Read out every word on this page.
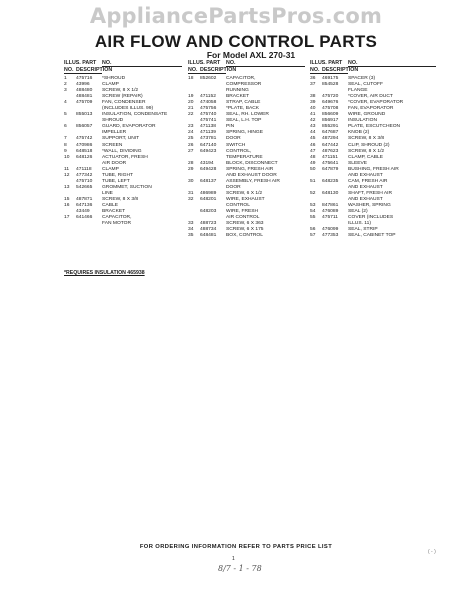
AppliancePartsPros.com
AIR FLOW AND CONTROL PARTS
For Model AXL 270-31
ILLUS. PART	NO.
NO. DESCRIPTION
1	475716	*SHROUD
2	43996	CLAMP
3	488480	SCREW, 8 X 1/2
488481	SCREW (REPAIR)
4	475709	FAN, CONDENSER
(INCLUDES ILLUS. 99)
5	855013	INSULATION, CONDENSATE
SHROUD
6	856057	GUARD, EVAPORATOR
IMPELLER
7	475742	SUPPORT, UNIT
8	470986	SCREEN
9	648518	*WALL, DIVIDING
10	648126	ACTUATOR, FRESH
AIR DOOR
11	471118	CLAMP
12	477342	TUBE, RIGHT
475710	TUBE, LEFT
13	542665	GROMMET, SUCTION
LINE
15	487871	SCREW, 8 X 3/8
16	647136	CABLE
43449	BRACKET
17	641466	CAPACITOR,
FAN MOTOR
ILLUS. PART	NO.
NO. DESCRIPTION
18	852602	CAPACITOR,
COMPRESSOR
RUNNING
19	471152	BRACKET
20	474058	STRAP, CABLE
21	475756	*PLATE, BACK
22	475740	SEAL, RH. LOWER
475741	SEAL, L.H. TOP
23	471138	PIN
24	471139	SPRING, HINGE
25	473781	DOOR
26	647140	SWITCH
27	649423	CONTROL,
TEMPERATURE
28	43194	BLOCK, DISCONNECT
29	649428	SPRING, FRESH AIR
AND EXHAUST DOOR
30	648137	ASSEMBLY, FRESH AIR
DOOR
31	486989	SCREW, 6 X 1/2
32	648201	WIRE, EXHAUST
CONTROL
648203	WIRE, FRESH
AIR CONTROL
33	488723	SCREW, 6 X 363
34	488734	SCREW, 6 X 175
35	648481	BOX, CONTROL
ILLUS. PART	NO.
NO. DESCRIPTION
36	469175	SPACER (3)
37	854528	SEAL, CUTOFF
FLANGE
38	475720	*COVER, AIR DUCT
39	649676	*COVER, EVAPORATOR
40	475708	FAN, EVAPORATOR
41	856609	WIRE, GROUND
42	856917	INSULATION
43	855291	PLATE, ESCUTCHEON
44	647687	KNOB (2)
45	487294	SCREW, 8 X 3/8
46	647442	CLIP, SHROUD (2)
47	487623	SCREW, 8 X 1/2
48	471151	CLAMP, CABLE
49	475641	SLEEVE
50	647879	BUSHING, FRESH AIR
AND EXHAUST
51	648235	CAM, FRESH AIR
AND EXHAUST
52	648130	SHAFT, FRESH AIR
AND EXHAUST
53	847861	WASHER, SPRING
54	476089	SEAL (2)
55	475711	COVER (INCLUDES
ILLUS. 11)
56	476099	SEAL, STRIP
57	477353	SEAL, CABINET TOP
*REQUIRES INSULATION 465938
FOR ORDERING INFORMATION REFER TO PARTS PRICE LIST
1
8/7 - 1 - 78
( - )
